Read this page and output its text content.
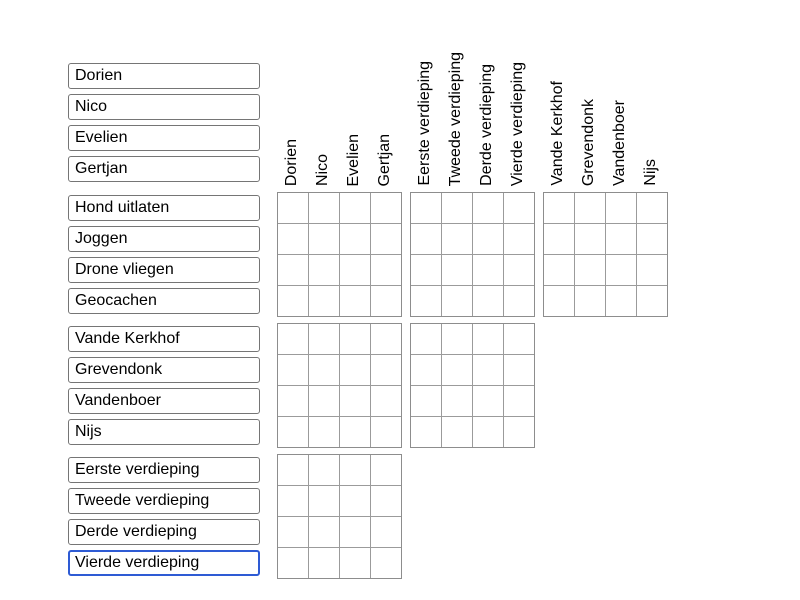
Dorien
Nico
Evelien
Gertjan	Dorien Nico Evelien Gertjan Eerste verdieping Tweede verdieping Derde verdieping Vierde verdieping Vande Kerkhof Grevendonk Vandenboer Nijs
Hond uitlaten
Joggen
Drone vliegen
Geocachen
Vande Kerkhof
Grevendonk
Vandenboer
Nijs
Eerste verdieping
Tweede verdieping
Derde verdieping
Vierde verdieping
